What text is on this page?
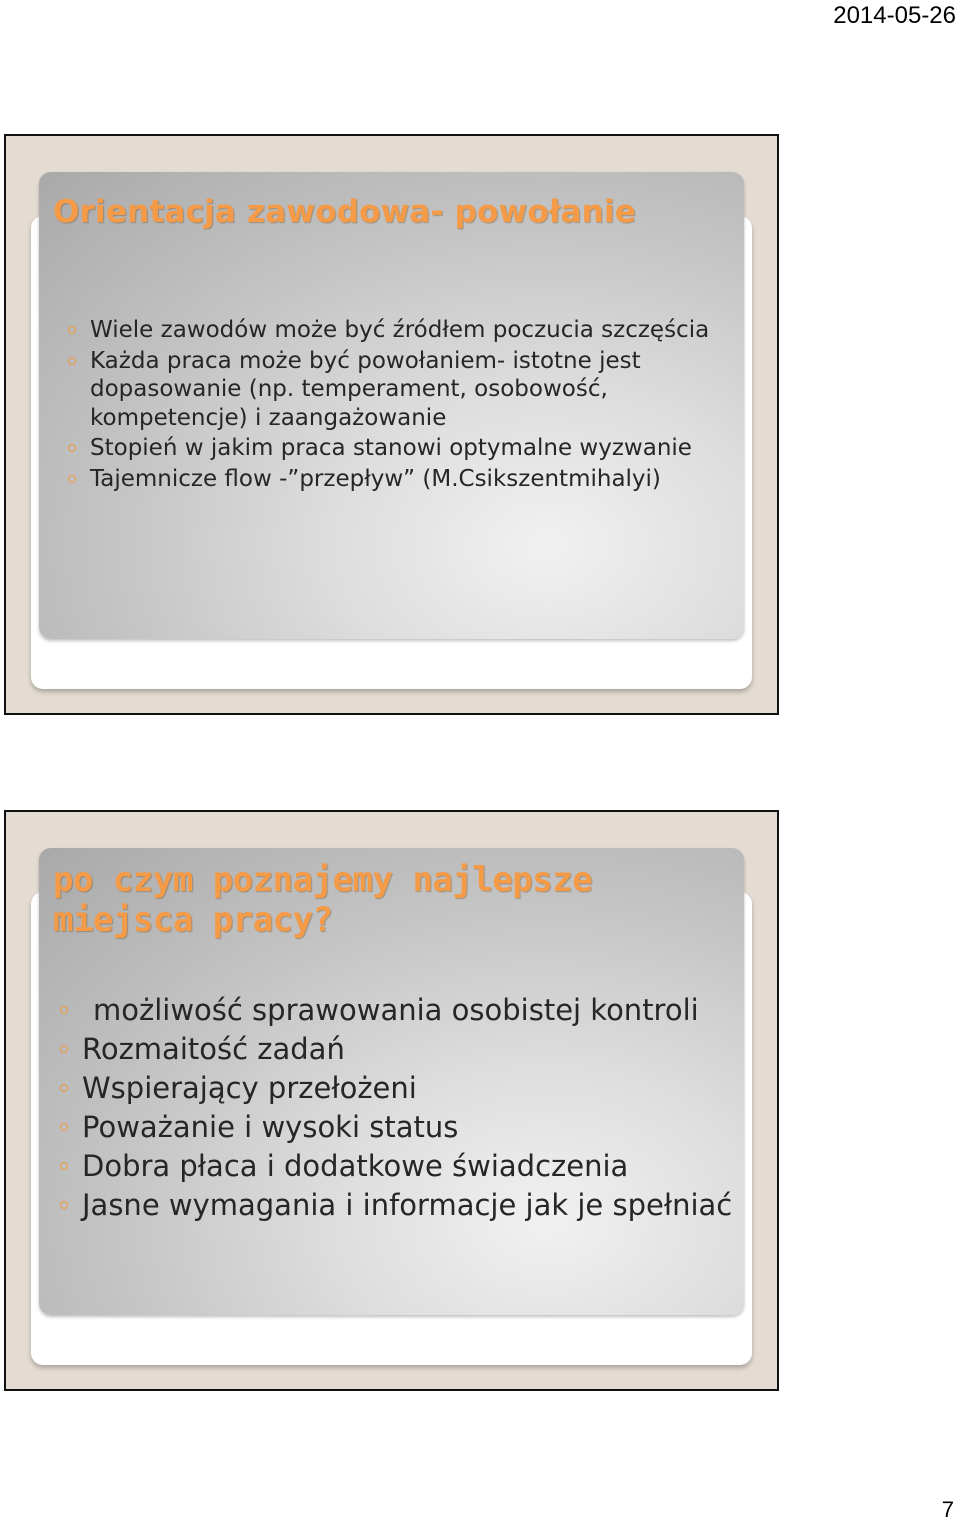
2014-05-26
Orientacja zawodowa- powołanie
Wiele zawodów może być źródłem poczucia szczęścia
Każda praca może być powołaniem- istotne jest dopasowanie (np. temperament, osobowość, kompetencje) i zaangażowanie
Stopień w jakim praca stanowi optymalne wyzwanie
Tajemnicze flow -”przepływ” (M.Csikszentmihalyi)
po czym poznajemy najlepsze miejsca pracy?
możliwość sprawowania osobistej kontroli
Rozmaitość zadań
Wspierający przełożeni
Poważanie i wysoki status
Dobra płaca i dodatkowe świadczenia
Jasne wymagania i informacje jak je spełniać
7
